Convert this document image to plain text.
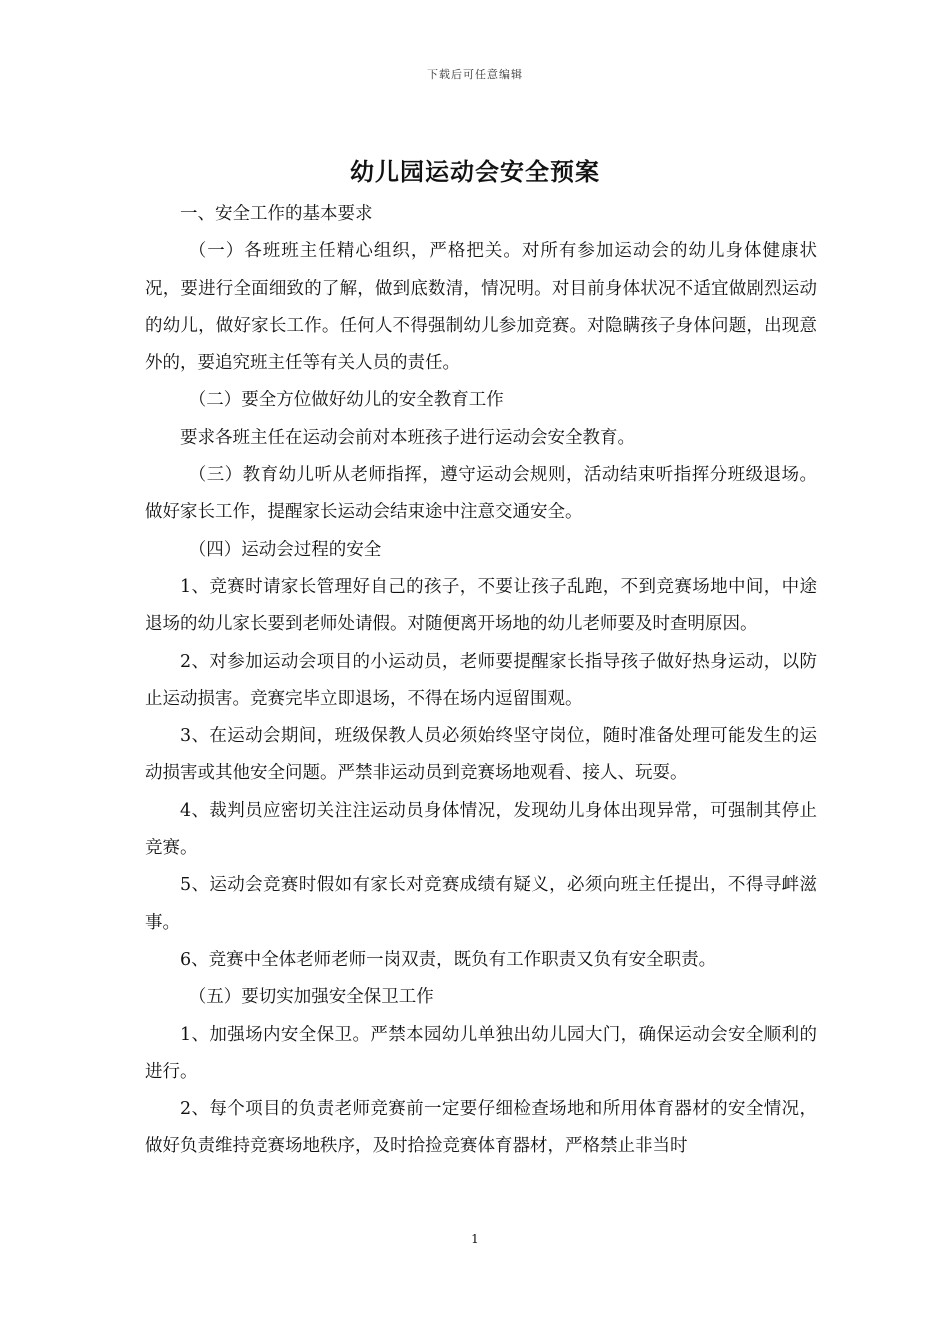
下载后可任意编辑
幼儿园运动会安全预案

一、安全工作的基本要求

（一）各班班主任精心组织，严格把关。对所有参加运动会的幼儿身体健康状况，要进行全面细致的了解，做到底数清，情况明。对目前身体状况不适宜做剧烈运动的幼儿，做好家长工作。任何人不得强制幼儿参加竞赛。对隐瞒孩子身体问题，出现意外的，要追究班主任等有关人员的责任。

（二）要全方位做好幼儿的安全教育工作

要求各班主任在运动会前对本班孩子进行运动会安全教育。

（三）教育幼儿听从老师指挥，遵守运动会规则，活动结束听指挥分班级退场。做好家长工作，提醒家长运动会结束途中注意交通安全。

（四）运动会过程的安全

1、竞赛时请家长管理好自己的孩子，不要让孩子乱跑，不到竞赛场地中间，中途退场的幼儿家长要到老师处请假。对随便离开场地的幼儿老师要及时查明原因。

2、对参加运动会项目的小运动员，老师要提醒家长指导孩子做好热身运动，以防止运动损害。竞赛完毕立即退场，不得在场内逗留围观。

3、在运动会期间，班级保教人员必须始终坚守岗位，随时准备处理可能发生的运动损害或其他安全问题。严禁非运动员到竞赛场地观看、接人、玩耍。

4、裁判员应密切关注注运动员身体情况，发现幼儿身体出现异常，可强制其停止竞赛。

5、运动会竞赛时假如有家长对竞赛成绩有疑义，必须向班主任提出，不得寻衅滋事。

6、竞赛中全体老师老师一岗双责，既负有工作职责又负有安全职责。

（五）要切实加强安全保卫工作

1、加强场内安全保卫。严禁本园幼儿单独出幼儿园大门，确保运动会安全顺利的进行。

2、每个项目的负责老师竞赛前一定要仔细检查场地和所用体育器材的安全情况，做好负责维持竞赛场地秩序，及时拾捡竞赛体育器材，严格禁止非当时

1
